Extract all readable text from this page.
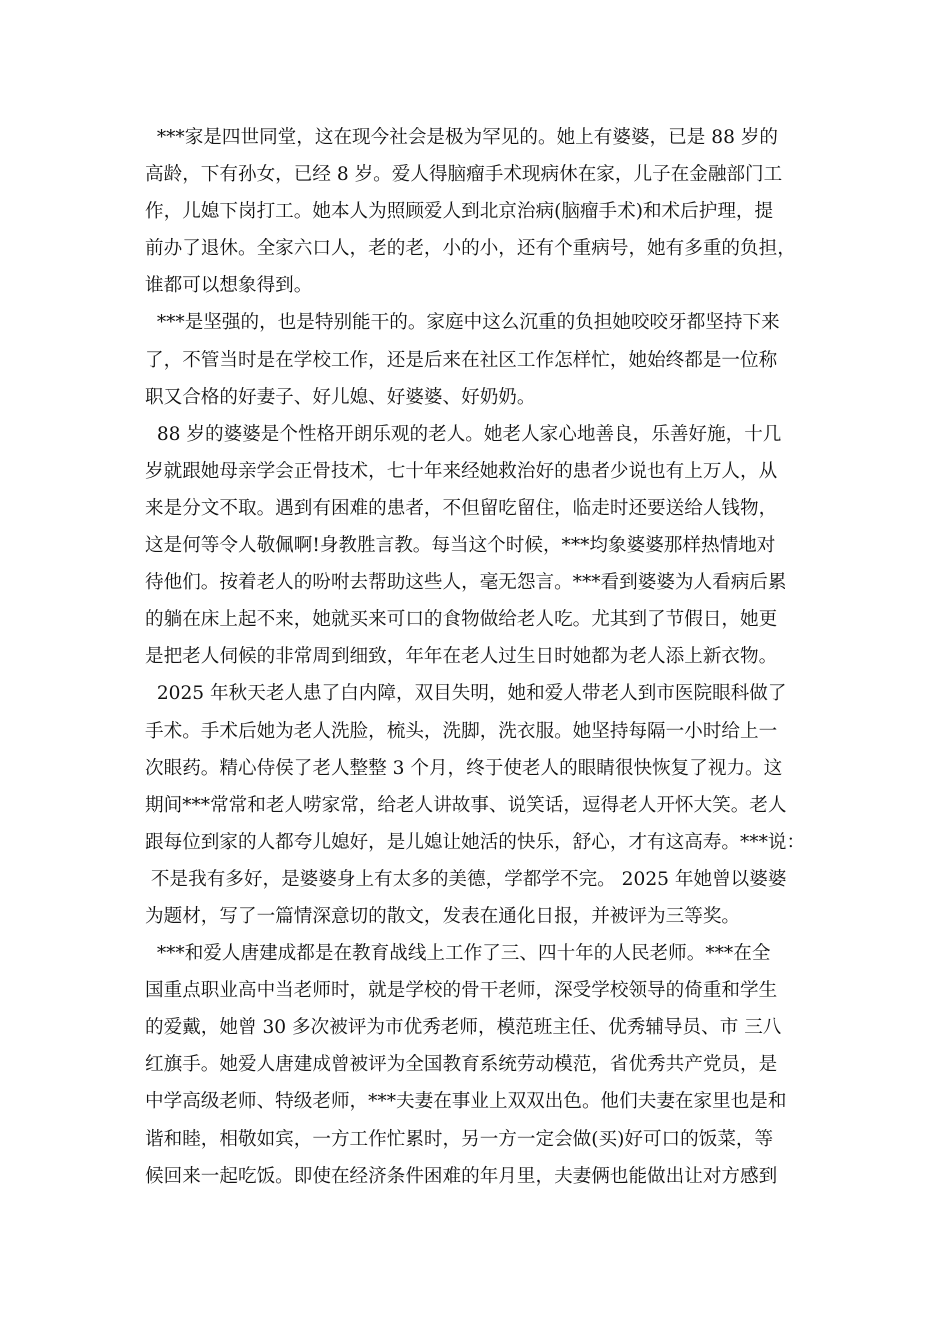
***家是四世同堂，这在现今社会是极为罕见的。她上有婆婆，已是 88 岁的
高龄，下有孙女，已经 8 岁。爱人得脑瘤手术现病休在家，儿子在金融部门工
作，儿媳下岗打工。她本人为照顾爱人到北京治病(脑瘤手术)和术后护理，提
前办了退休。全家六口人，老的老，小的小，还有个重病号，她有多重的负担，
谁都可以想象得到。
***是坚强的，也是特别能干的。家庭中这么沉重的负担她咬咬牙都坚持下来
了，不管当时是在学校工作，还是后来在社区工作怎样忙，她始终都是一位称
职又合格的好妻子、好儿媳、好婆婆、好奶奶。
88 岁的婆婆是个性格开朗乐观的老人。她老人家心地善良，乐善好施，十几
岁就跟她母亲学会正骨技术，七十年来经她救治好的患者少说也有上万人，从
来是分文不取。遇到有困难的患者，不但留吃留住，临走时还要送给人钱物，
这是何等令人敬佩啊!身教胜言教。每当这个时候，***均象婆婆那样热情地对
待他们。按着老人的吩咐去帮助这些人，毫无怨言。***看到婆婆为人看病后累
的躺在床上起不来，她就买来可口的食物做给老人吃。尤其到了节假日，她更
是把老人伺候的非常周到细致，年年在老人过生日时她都为老人添上新衣物。
2025 年秋天老人患了白内障，双目失明，她和爱人带老人到市医院眼科做了
手术。手术后她为老人洗脸，梳头，洗脚，洗衣服。她坚持每隔一小时给上一
次眼药。精心侍侯了老人整整 3 个月，终于使老人的眼睛很快恢复了视力。这
期间***常常和老人唠家常，给老人讲故事、说笑话，逗得老人开怀大笑。老人
跟每位到家的人都夸儿媳好，是儿媳让她活的快乐，舒心，才有这高寿。***说：
不是我有多好，是婆婆身上有太多的美德，学都学不完。 2025 年她曾以婆婆
为题材，写了一篇情深意切的散文，发表在通化日报，并被评为三等奖。
***和爱人唐建成都是在教育战线上工作了三、四十年的人民老师。***在全
国重点职业高中当老师时，就是学校的骨干老师，深受学校领导的倚重和学生
的爱戴，她曾 30 多次被评为市优秀老师，模范班主任、优秀辅导员、市 三八
红旗手。她爱人唐建成曾被评为全国教育系统劳动模范，省优秀共产党员，是
中学高级老师、特级老师，***夫妻在事业上双双出色。他们夫妻在家里也是和
谐和睦，相敬如宾，一方工作忙累时，另一方一定会做(买)好可口的饭菜，等
候回来一起吃饭。即使在经济条件困难的年月里，夫妻俩也能做出让对方感到
